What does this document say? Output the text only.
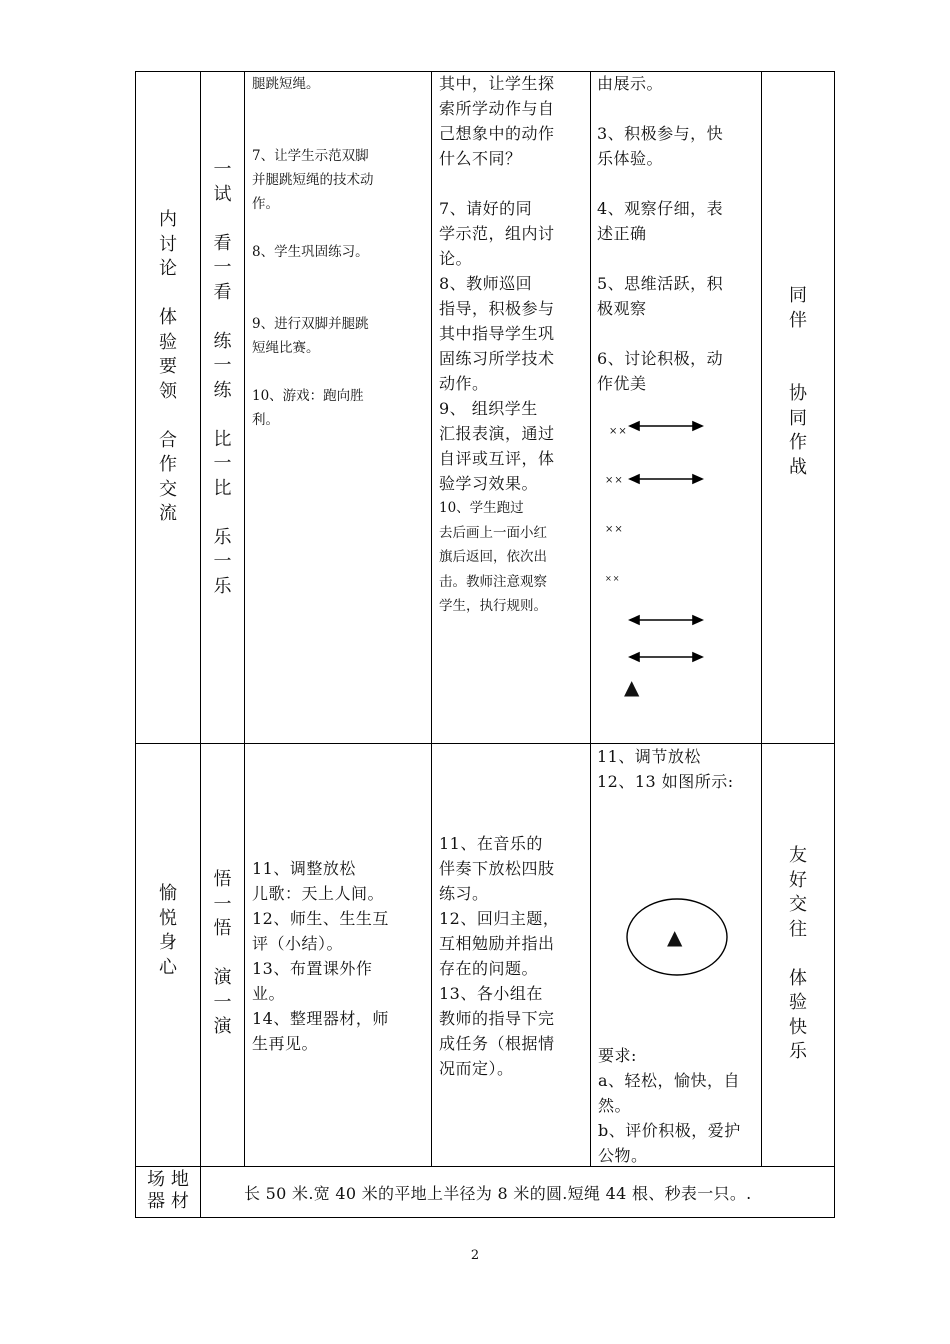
内
讨
论

体
验
要
领

合
作
交
流
一
试

看
一
看

练
一
练

比
一
比

乐
一
乐
腿跳短绳。

7、让学生示范双脚
并腿跳短绳的技术动
作。

8、学生巩固练习。

9、进行双脚并腿跳
短绳比赛。

10、游戏：跑向胜
利。
其中，让学生探
索所学动作与自
己想象中的动作
什么不同？

7、请好的同
学示范，组内讨
论。
8、教师巡回
指导，积极参与
其中指导学生巩
固练习所学技术
动作。
9、 组织学生
汇报表演，通过
自评或互评，体
验学习效果。
10、学生跑过
去后画上一面小红
旗后返回，依次出
击。教师注意观察
学生，执行规则。
由展示。

3、积极参与，快
乐体验。

4、观察仔细，表
述正确

5、思维活跃，积
极观察

6、讨论积极，动
作优美
××
××
××
××
▲
同
伴

协
同
作
战
愉
悦
身
心
悟
一
悟

演
一
演
11、调整放松
儿歌：天上人间。
12、师生、生生互
评（小结）。
13、布置课外作
业。
14、整理器材，师
生再见。
11、在音乐的
伴奏下放松四肢
练习。
12、回归主题，
互相勉励并指出
存在的问题。
13、各小组在
教师的指导下完
成任务（根据情
况而定）。
11、调节放松
12、13 如图所示:
▲
要求:
a、轻松，愉快，自
然。
b、评价积极，爱护
公物。
友
好
交
往

体
验
快
乐
场 地
器 材	长 50 米.宽 40 米的平地上半径为 8 米的圆.短绳 44 根、秒表一只。.
2
